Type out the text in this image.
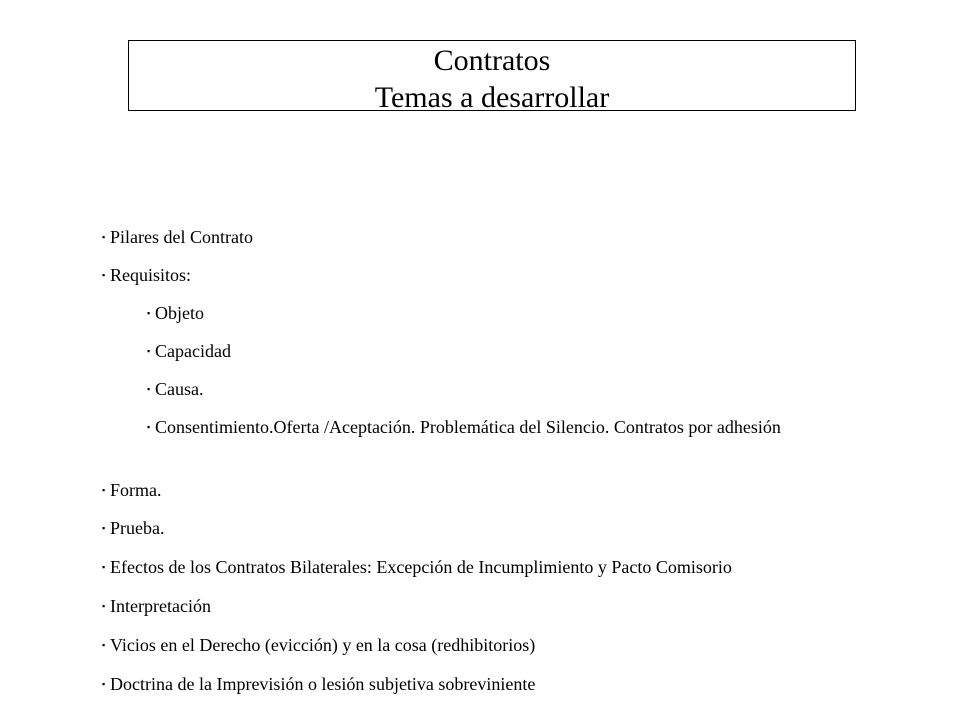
Contratos
Temas a desarrollar
▪ Pilares del Contrato
▪ Requisitos:
▪ Objeto
▪ Capacidad
▪ Causa.
▪ Consentimiento.Oferta /Aceptación. Problemática del Silencio. Contratos por adhesión
▪ Forma.
▪ Prueba.
▪ Efectos de los Contratos Bilaterales: Excepción de Incumplimiento y Pacto Comisorio
▪ Interpretación
▪ Vicios en el Derecho (evicción) y en la cosa (redhibitorios)
▪ Doctrina de la Imprevisión o lesión subjetiva sobreviniente
